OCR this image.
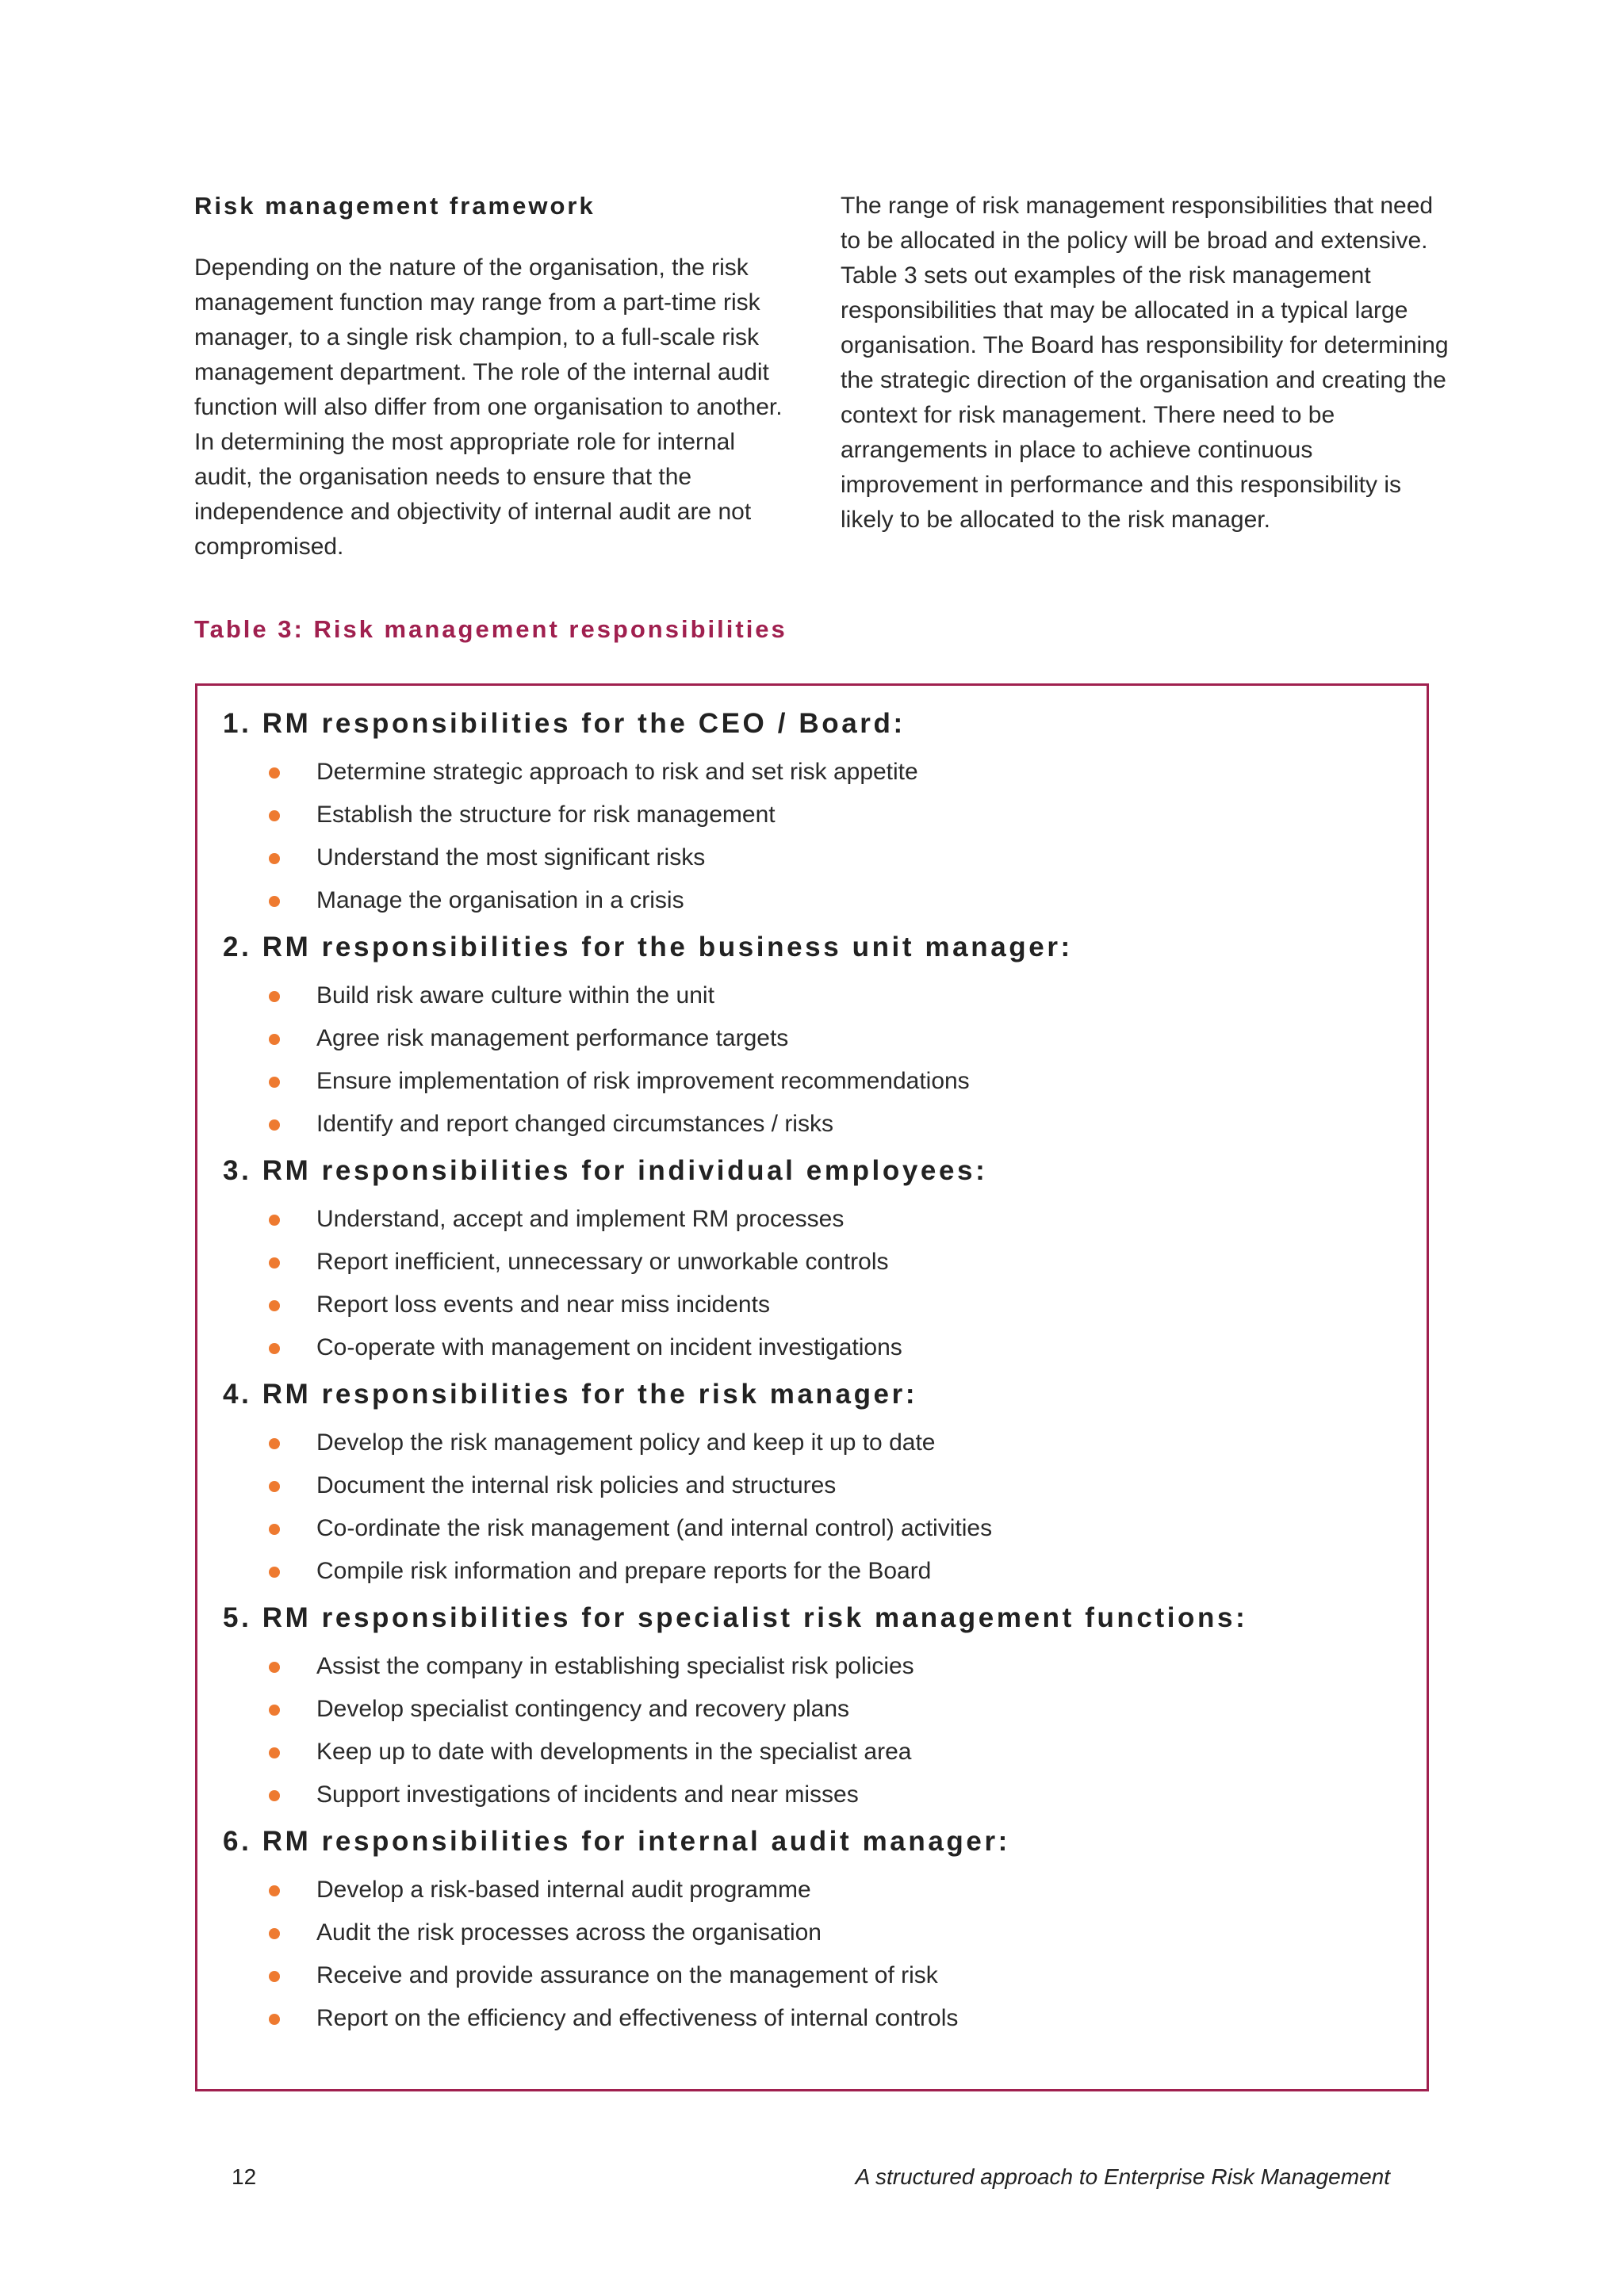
Risk management framework

Depending on the nature of the organisation, the risk management function may range from a part-time risk manager, to a single risk champion, to a full-scale risk management department. The role of the internal audit function will also differ from one organisation to another. In determining the most appropriate role for internal audit, the organisation needs to ensure that the independence and objectivity of internal audit are not compromised.

The range of risk management responsibilities that need to be allocated in the policy will be broad and extensive. Table 3 sets out examples of the risk management responsibilities that may be allocated in a typical large organisation. The Board has responsibility for determining the strategic direction of the organisation and creating the context for risk management. There need to be arrangements in place to achieve continuous improvement in performance and this responsibility is likely to be allocated to the risk manager.

Table 3: Risk management responsibilities
1. RM responsibilities for the CEO / Board:
Determine strategic approach to risk and set risk appetite
Establish the structure for risk management
Understand the most significant risks
Manage the organisation in a crisis
2. RM responsibilities for the business unit manager:
Build risk aware culture within the unit
Agree risk management performance targets
Ensure implementation of risk improvement recommendations
Identify and report changed circumstances / risks
3. RM responsibilities for individual employees:
Understand, accept and implement RM processes
Report inefficient, unnecessary or unworkable controls
Report loss events and near miss incidents
Co-operate with management on incident investigations
4. RM responsibilities for the risk manager:
Develop the risk management policy and keep it up to date
Document the internal risk policies and structures
Co-ordinate the risk management (and internal control) activities
Compile risk information and prepare reports for the Board
5. RM responsibilities for specialist risk management functions:
Assist the company in establishing specialist risk policies
Develop specialist contingency and recovery plans
Keep up to date with developments in the specialist area
Support investigations of incidents and near misses
6. RM responsibilities for internal audit manager:
Develop a risk-based internal audit programme
Audit the risk processes across the organisation
Receive and provide assurance on the management of risk
Report on the efficiency and effectiveness of internal controls
12	A structured approach to Enterprise Risk Management
